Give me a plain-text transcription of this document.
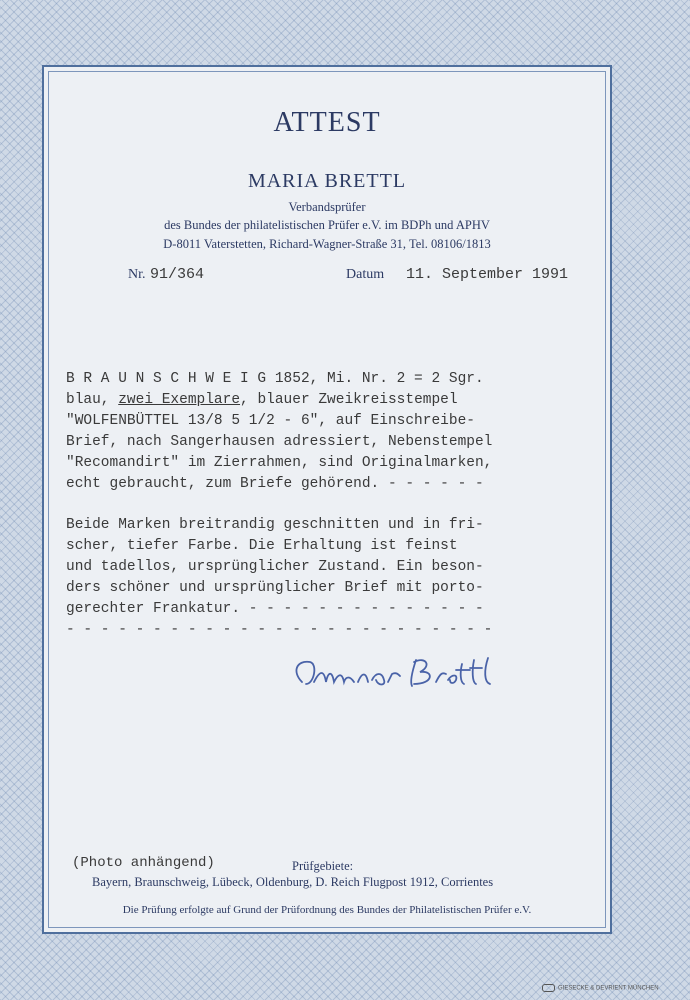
ATTEST
MARIA BRETTL
Verbandsprüfer
des Bundes der philatelistischen Prüfer e.V. im BDPh und APHV
D-8011 Vaterstetten, Richard-Wagner-Straße 31, Tel. 08106/1813
Nr. 91/364	Datum 11. September 1991
B R A U N S C H W E I G 1852, Mi. Nr. 2 = 2 Sgr.
blau, zwei Exemplare, blauer Zweikreisstempel
"WOLFENBÜTTEL 13/8 5 1/2 - 6", auf Einschreibe-
Brief, nach Sangerhausen adressiert, Nebenstempel
"Recomandirt" im Zierrahmen, sind Originalmarken,
echt gebraucht, zum Briefe gehörend. - - - - - -
Beide Marken breitrandig geschnitten und in fri-
scher, tiefer Farbe. Die Erhaltung ist feinst
und tadellos, ursprünglicher Zustand. Ein beson-
ders schöner und ursprünglicher Brief mit porto-
gerechter Frankatur. - - - - - - - - - - - - - -
- - - - - - - - - - - - - - - - - - - - - - - - -
(Photo anhängend)	Prüfgebiete:
Bayern, Braunschweig, Lübeck, Oldenburg, D. Reich Flugpost 1912, Corrientes
Die Prüfung erfolgte auf Grund der Prüfordnung des Bundes der Philatelistischen Prüfer e.V.
GIESECKE & DEVRIENT MÜNCHEN
